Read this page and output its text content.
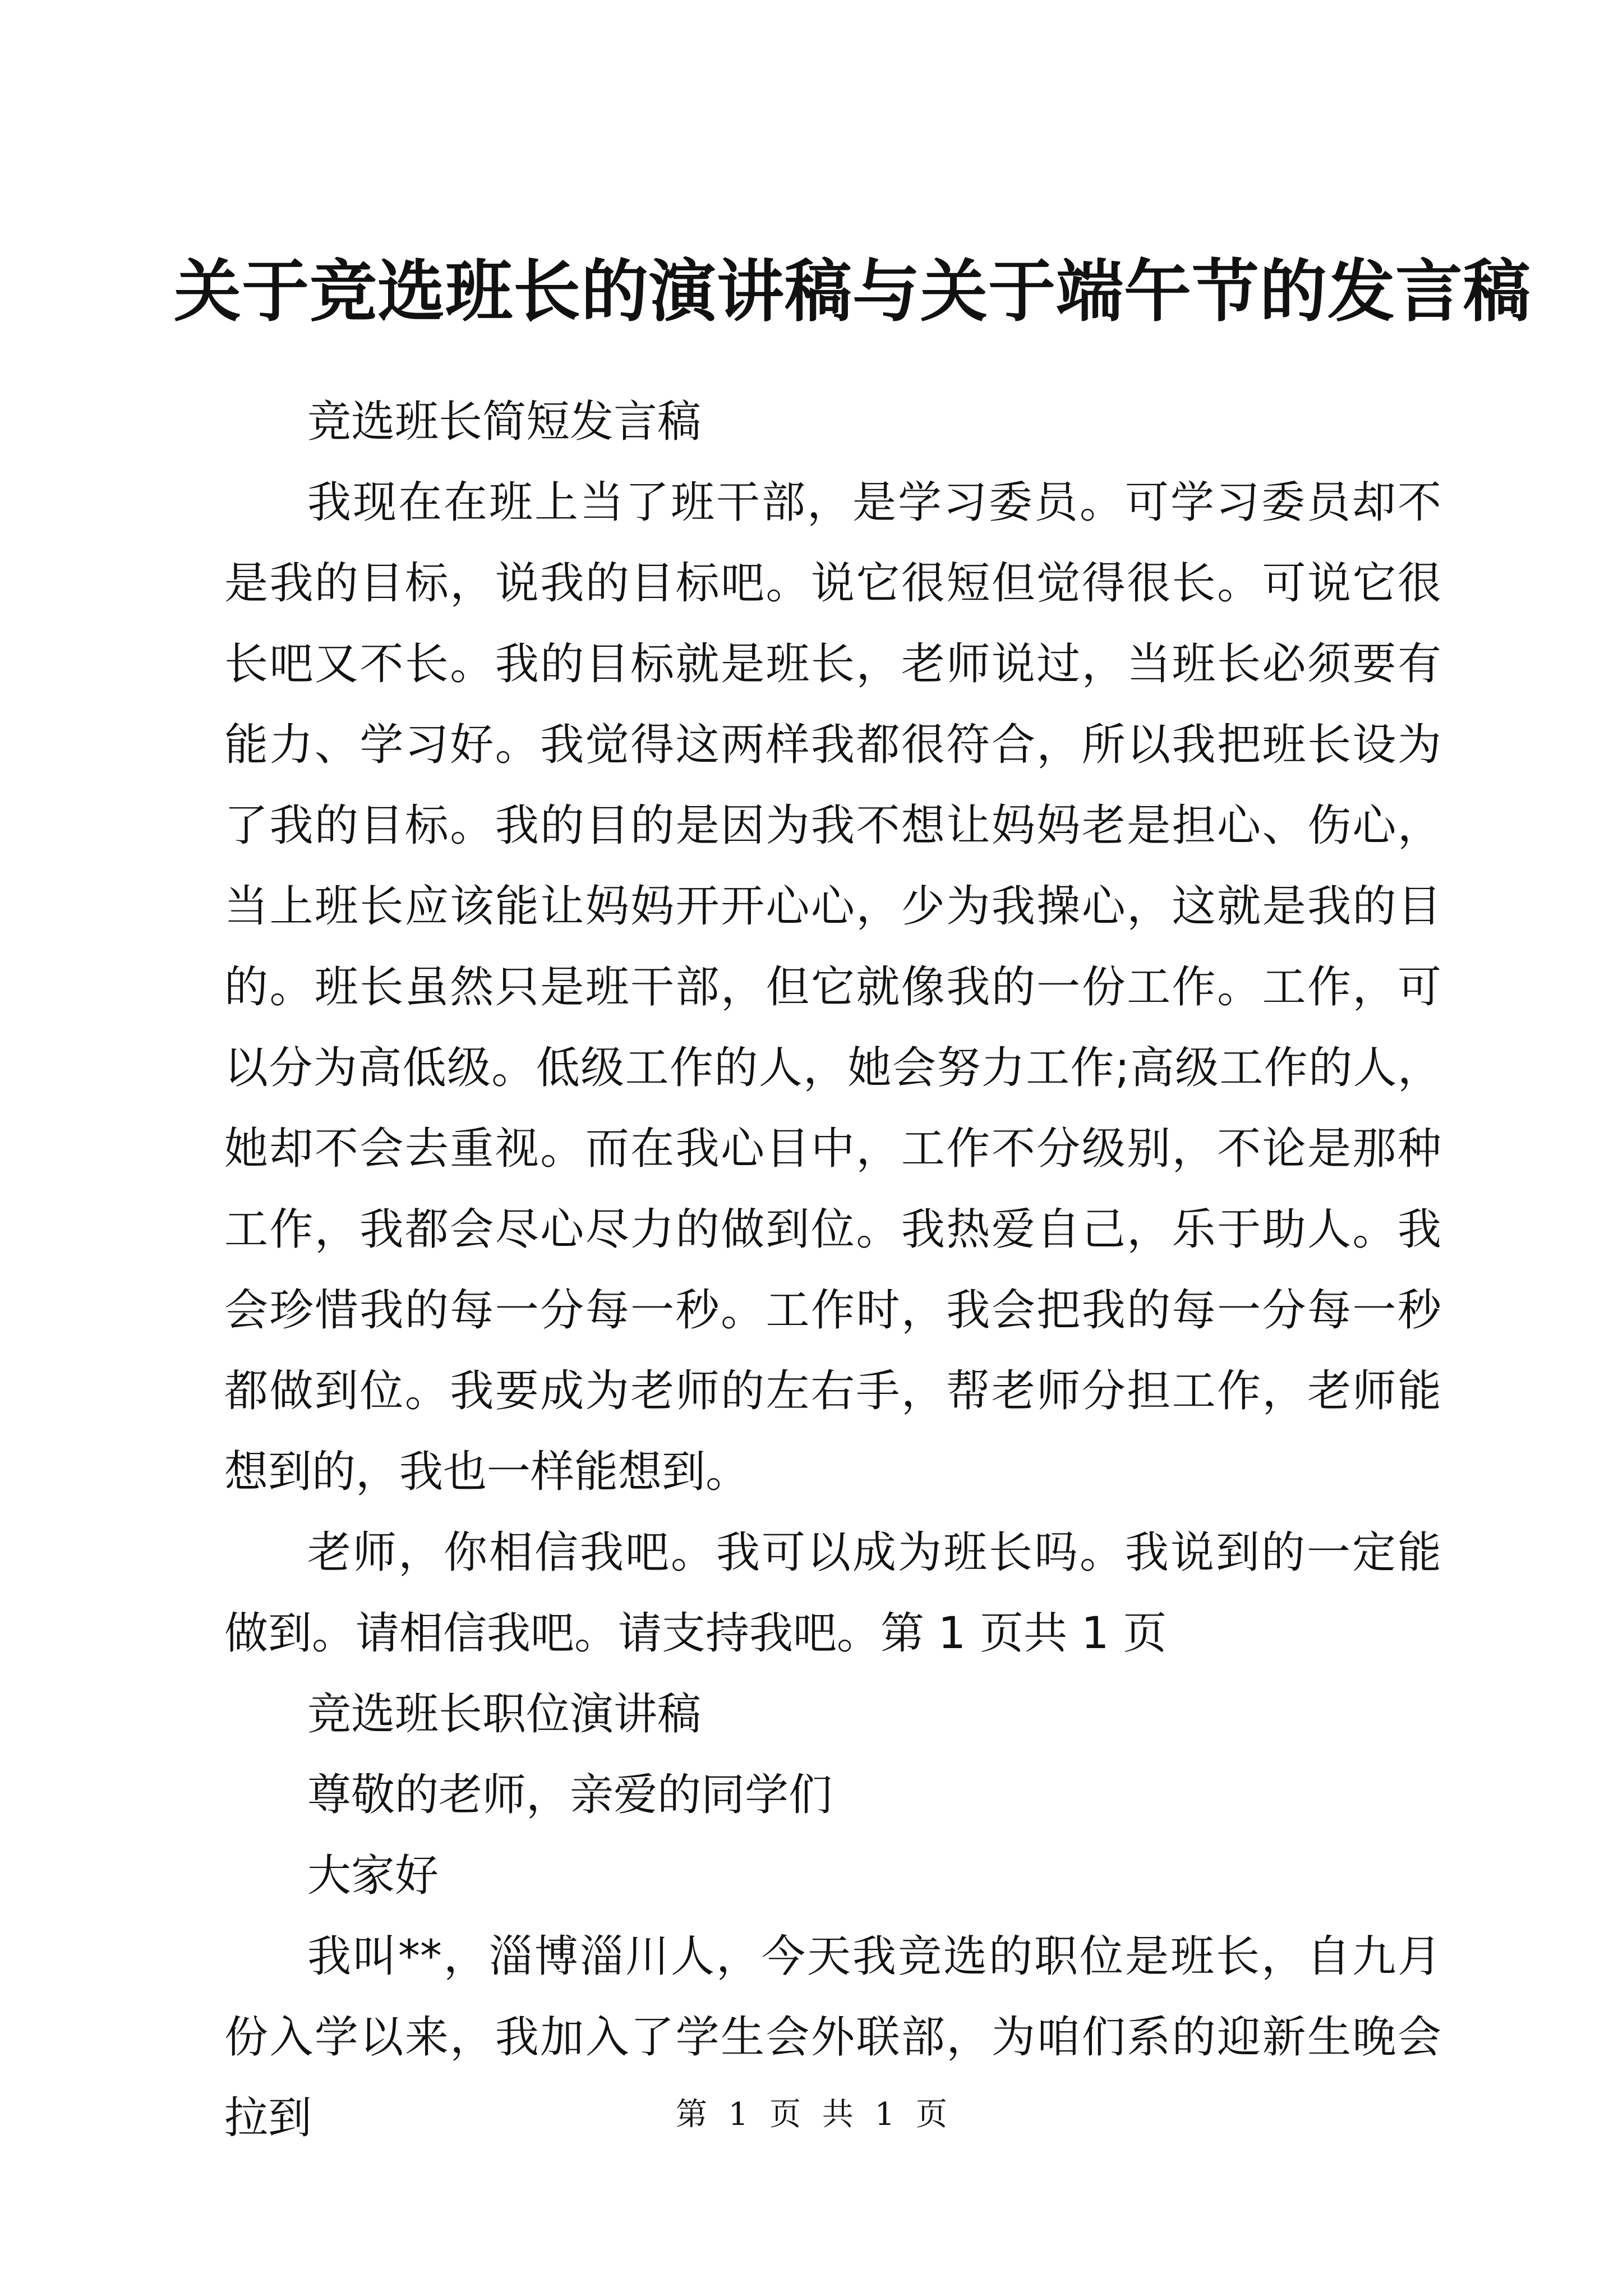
关于竞选班长的演讲稿与关于端午节的发言稿

竞选班长简短发言稿

我现在在班上当了班干部，是学习委员。可学习委员却不是我的目标，说我的目标吧。说它很短但觉得很长。可说它很长吧又不长。我的目标就是班长，老师说过，当班长必须要有能力、学习好。我觉得这两样我都很符合，所以我把班长设为了我的目标。我的目的是因为我不想让妈妈老是担心、伤心，当上班长应该能让妈妈开开心心，少为我操心，这就是我的目的。班长虽然只是班干部，但它就像我的一份工作。工作，可以分为高低级。低级工作的人，她会努力工作;高级工作的人，她却不会去重视。而在我心目中，工作不分级别，不论是那种工作，我都会尽心尽力的做到位。我热爱自己，乐于助人。我会珍惜我的每一分每一秒。工作时，我会把我的每一分每一秒都做到位。我要成为老师的左右手，帮老师分担工作，老师能想到的，我也一样能想到。

老师，你相信我吧。我可以成为班长吗。我说到的一定能做到。请相信我吧。请支持我吧。第 1 页共 1 页

竞选班长职位演讲稿

尊敬的老师，亲爱的同学们

大家好

我叫**，淄博淄川人，今天我竞选的职位是班长，自九月份入学以来，我加入了学生会外联部，为咱们系的迎新生晚会拉到	第 1 页 共 1 页
